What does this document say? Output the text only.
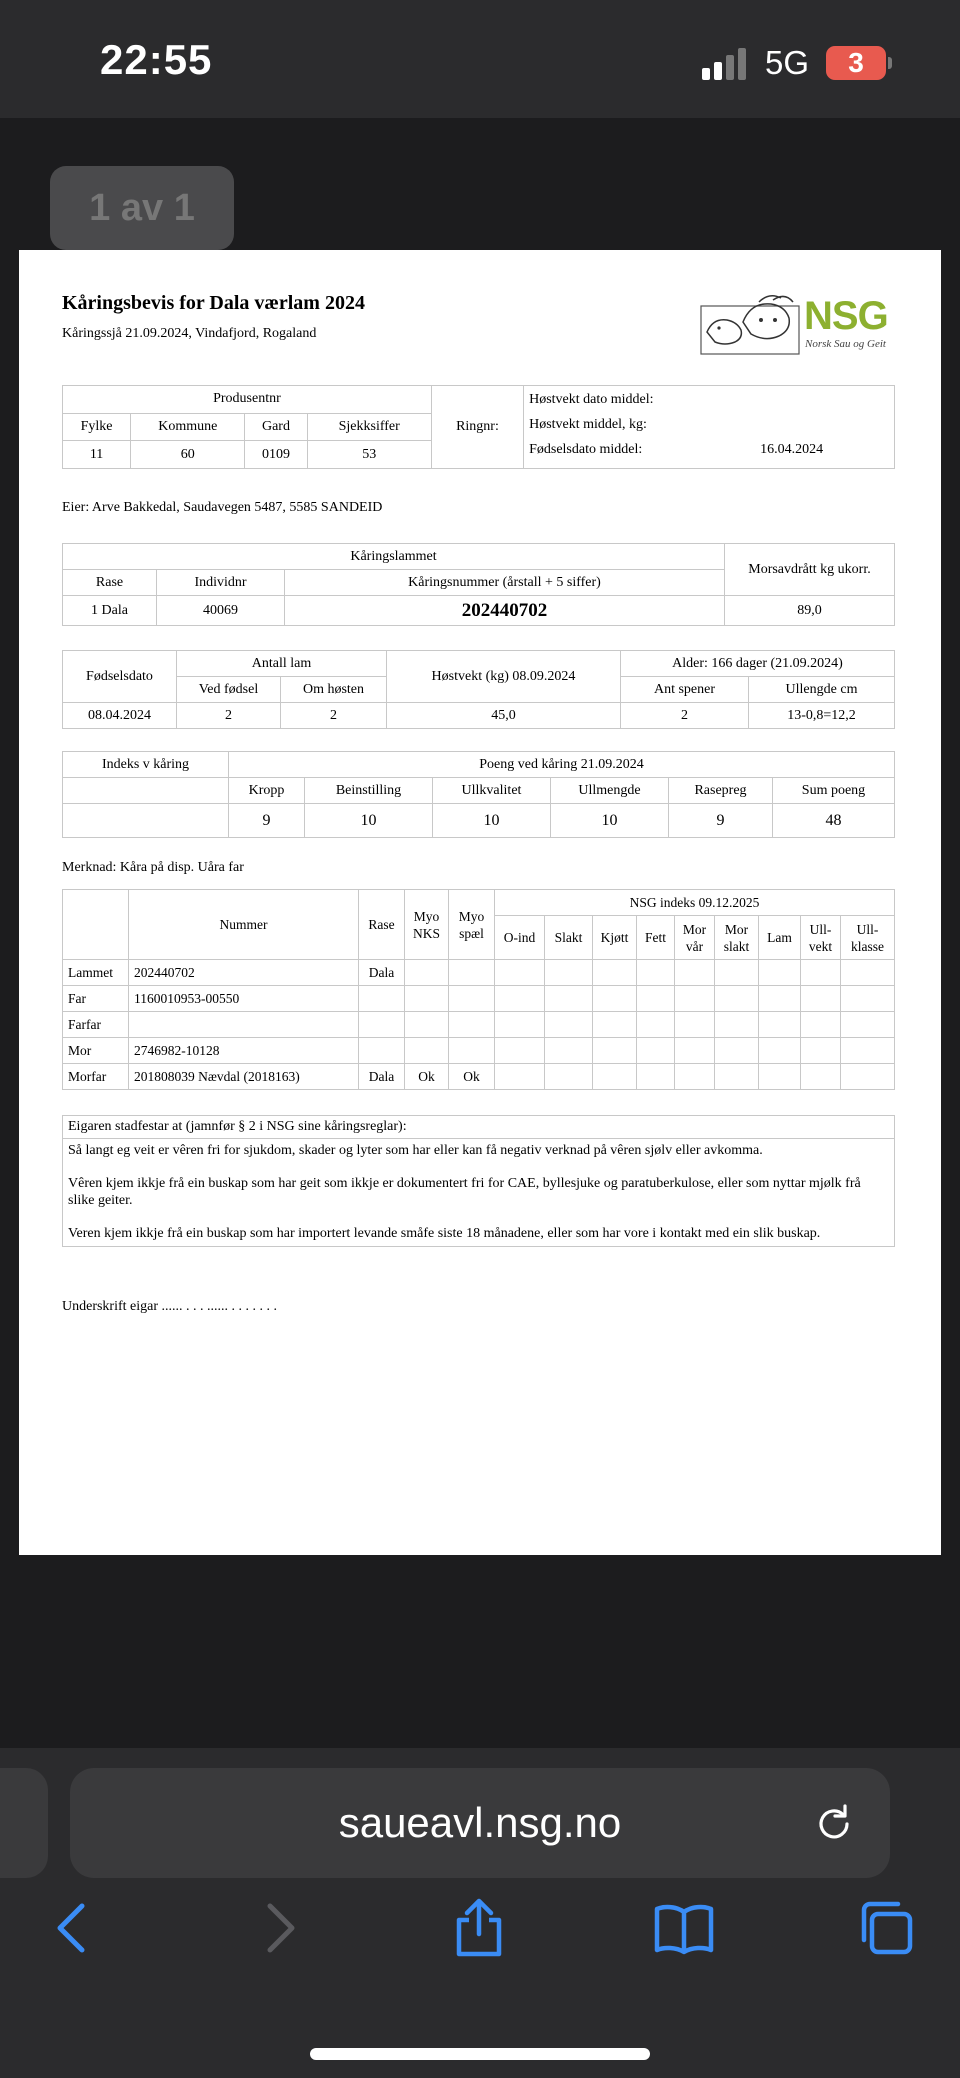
22:55	5G	3
1 av 1
Kåringsbevis for Dala værlam 2024
Kåringssjå 21.09.2024, Vindafjord, Rogaland	NSG
Norsk Sau og Geit
Produsentnr				Ringnr:	Høstvekt dato middel:
Høstvekt middel, kg:
Fødselsdato middel: 16.04.2024

Fylke	Kommune	Gard	Sjekksiffer		
11	60	0109	53		
Eier: Arve Bakkedal, Saudavegen 5487, 5585 SANDEID
Kåringslammet			Morsavdrått kg ukorr.
Rase	Individnr	Kåringsnummer (årstall + 5 siffer)	
1 Dala	40069	202440702	89,0
Fødselsdato	Antall lam		Høstvekt (kg) 08.09.2024	Alder: 166 dager (21.09.2024)	
	Ved fødsel	Om høsten		Ant spener	Ullengde cm
08.04.2024	2	2	45,0	2	13-0,8=12,2
Indeks v kåring	Poeng ved kåring 21.09.2024					
	Kropp	Beinstilling	Ullkvalitet	Ullmengde	Rasepreg	Sum poeng
	9	10	10	10	9	48
Merknad: Kåra på disp. Uåra far
	Nummer	Rase	Myo NKS	Myo spæl	NSG indeks 09.12.2025								
					O-ind	Slakt	Kjøtt	Fett	Mor vår	Mor slakt	Lam	Ull-vekt	Ull-klasse
Lammet	202440702	Dala											
Far	1160010953-00550												
Farfar													
Mor	2746982-10128												
Morfar	201808039 Nævdal (2018163)	Dala	Ok	Ok									
Eigaren stadfestar at (jamnfør § 2 i NSG sine kåringsreglar):

Så langt eg veit er vêren fri for sjukdom, skader og lyter som har eller kan få negativ verknad på vêren sjølv eller avkomma.

Vêren kjem ikkje frå ein buskap som har geit som ikkje er dokumentert fri for CAE, byllesjuke og paratuberkulose, eller som nyttar mjølk frå slike geiter.

Veren kjem ikkje frå ein buskap som har importert levande småfe siste 18 månadene, eller som har vore i kontakt med ein slik buskap.

Underskrift eigar ...... . . . ...... . . . . . . .
saueavl.nsg.no
